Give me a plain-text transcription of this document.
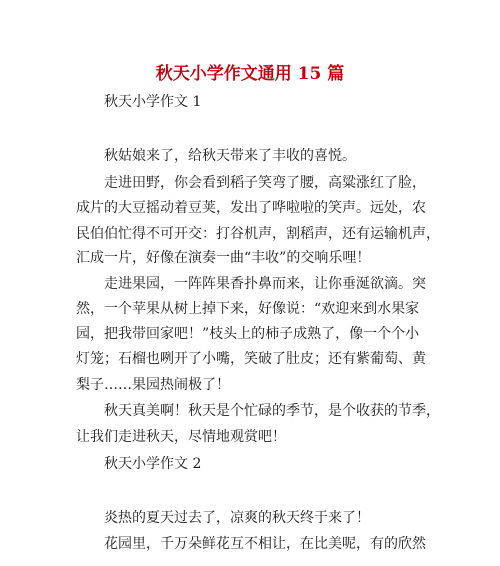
秋天小学作文通用 15 篇
秋天小学作文 1
秋姑娘来了，给秋天带来了丰收的喜悦。
走进田野，你会看到稻子笑弯了腰，高粱涨红了脸，
成片的大豆摇动着豆荚，发出了哗啦啦的笑声。远处，农
民伯伯忙得不可开交：打谷机声，割稻声，还有运输机声，
汇成一片，好像在演奏一曲“丰收”的交响乐哩！
走进果园，一阵阵果香扑鼻而来，让你垂涎欲滴。突
然，一个苹果从树上掉下来，好像说：“欢迎来到水果家
园，把我带回家吧！”枝头上的柿子成熟了，像一个个小
灯笼；石榴也咧开了小嘴，笑破了肚皮；还有紫葡萄、黄
梨子……果园热闹极了！
秋天真美啊！秋天是个忙碌的季节，是个收获的节季，
让我们走进秋天，尽情地观赏吧！
秋天小学作文 2
炎热的夏天过去了，凉爽的秋天终于来了！
花园里，千万朵鲜花互不相让，在比美呢，有的欣然
